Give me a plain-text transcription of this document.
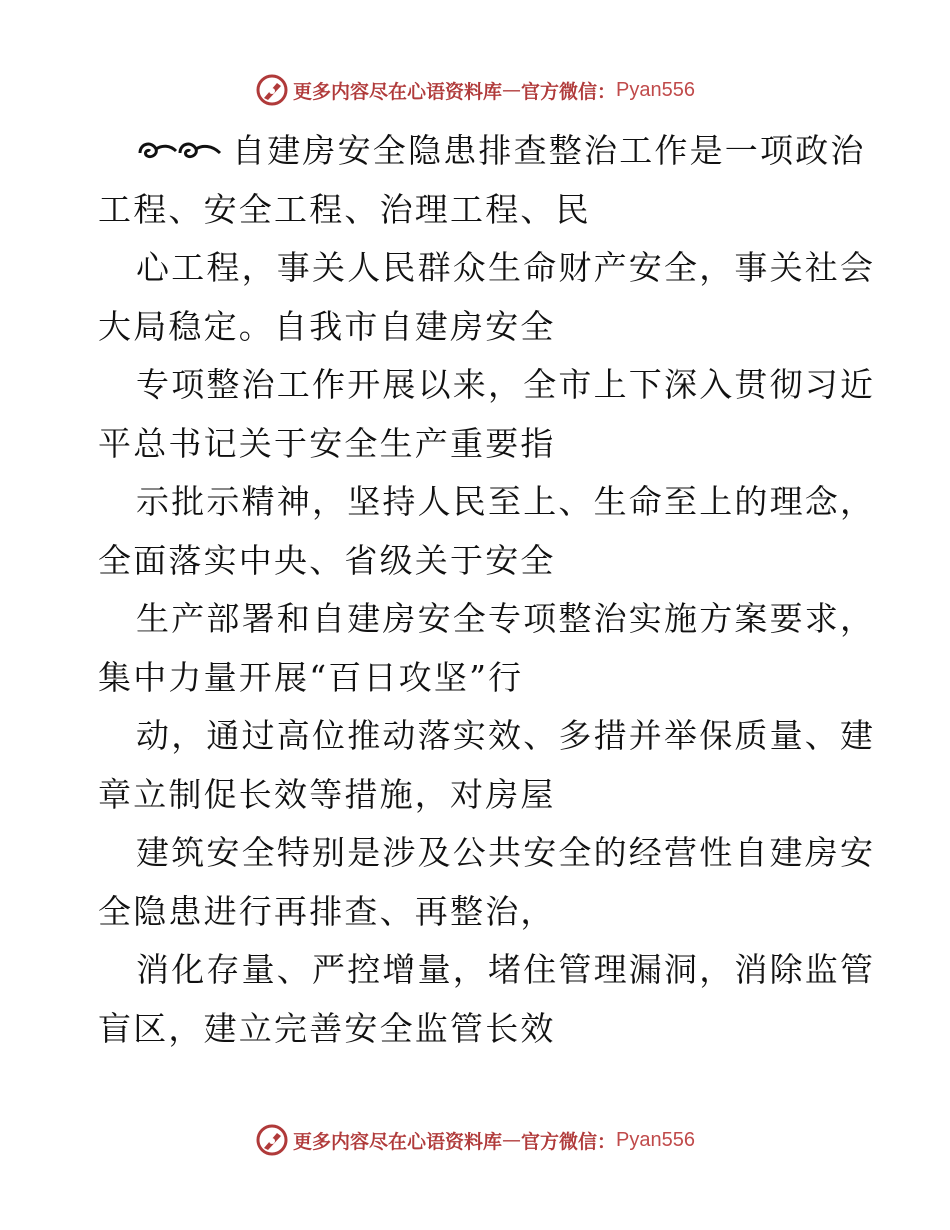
更多内容尽在心语资料库 — 官方微信： Pyan556
自建房安全隐患排查整治工作是一项政治
工程、安全工程、治理工程、民
心工程，事关人民群众生命财产安全，事关社会
大局稳定。自我市自建房安全
专项整治工作开展以来，全市上下深入贯彻习近
平总书记关于安全生产重要指
示批示精神，坚持人民至上、生命至上的理念，
全面落实中央、省级关于安全
生产部署和自建房安全专项整治实施方案要求，
集中力量开展“百日攻坚”行
动，通过高位推动落实效、多措并举保质量、建
章立制促长效等措施，对房屋
建筑安全特别是涉及公共安全的经营性自建房安
全隐患进行再排查、再整治，
消化存量、严控增量，堵住管理漏洞，消除监管
盲区，建立完善安全监管长效
更多内容尽在心语资料库 — 官方微信： Pyan556
